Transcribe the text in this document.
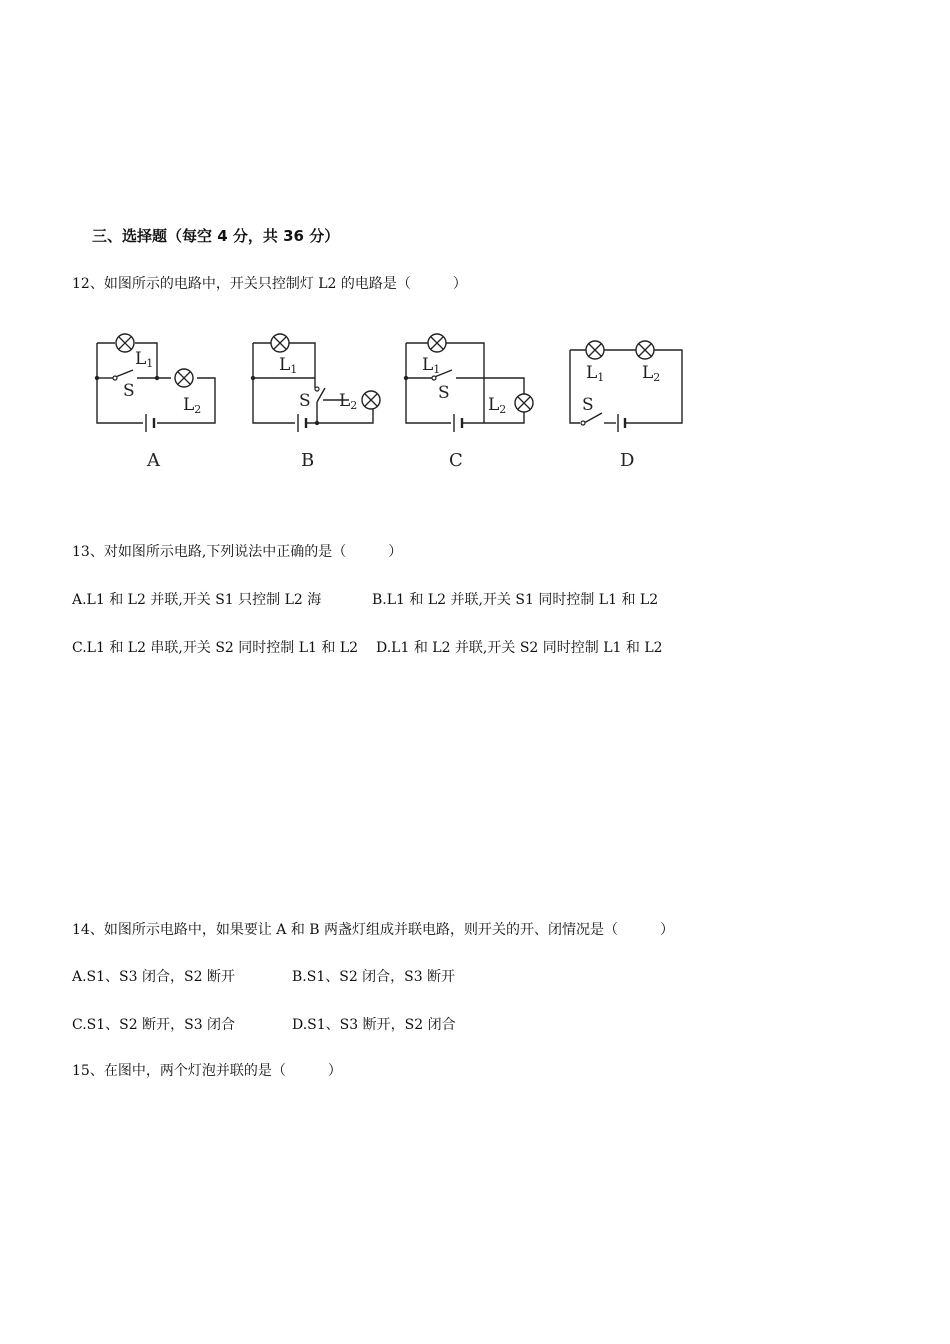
三、选择题（每空 4 分，共 36 分）
12、如图所示的电路中，开关只控制灯 L2 的电路是（　　　）
L1
S
L2
A
L1
S L2
B
L1
S
L2
C
L1 L2
S
D
13、对如图所示电路,下列说法中正确的是（　　　）
A.L1 和 L2 并联,开关 S1 只控制 L2 海	B.L1 和 L2 并联,开关 S1 同时控制 L1 和 L2
C.L1 和 L2 串联,开关 S2 同时控制 L1 和 L2 D.L1 和 L2 并联,开关 S2 同时控制 L1 和 L2
14、如图所示电路中，如果要让 A 和 B 两盏灯组成并联电路，则开关的开、闭情况是（　　　）
A.S1、S3 闭合，S2 断开	B.S1、S2 闭合，S3 断开
C.S1、S2 断开，S3 闭合	D.S1、S3 断开，S2 闭合
15、在图中，两个灯泡并联的是（　　　）
